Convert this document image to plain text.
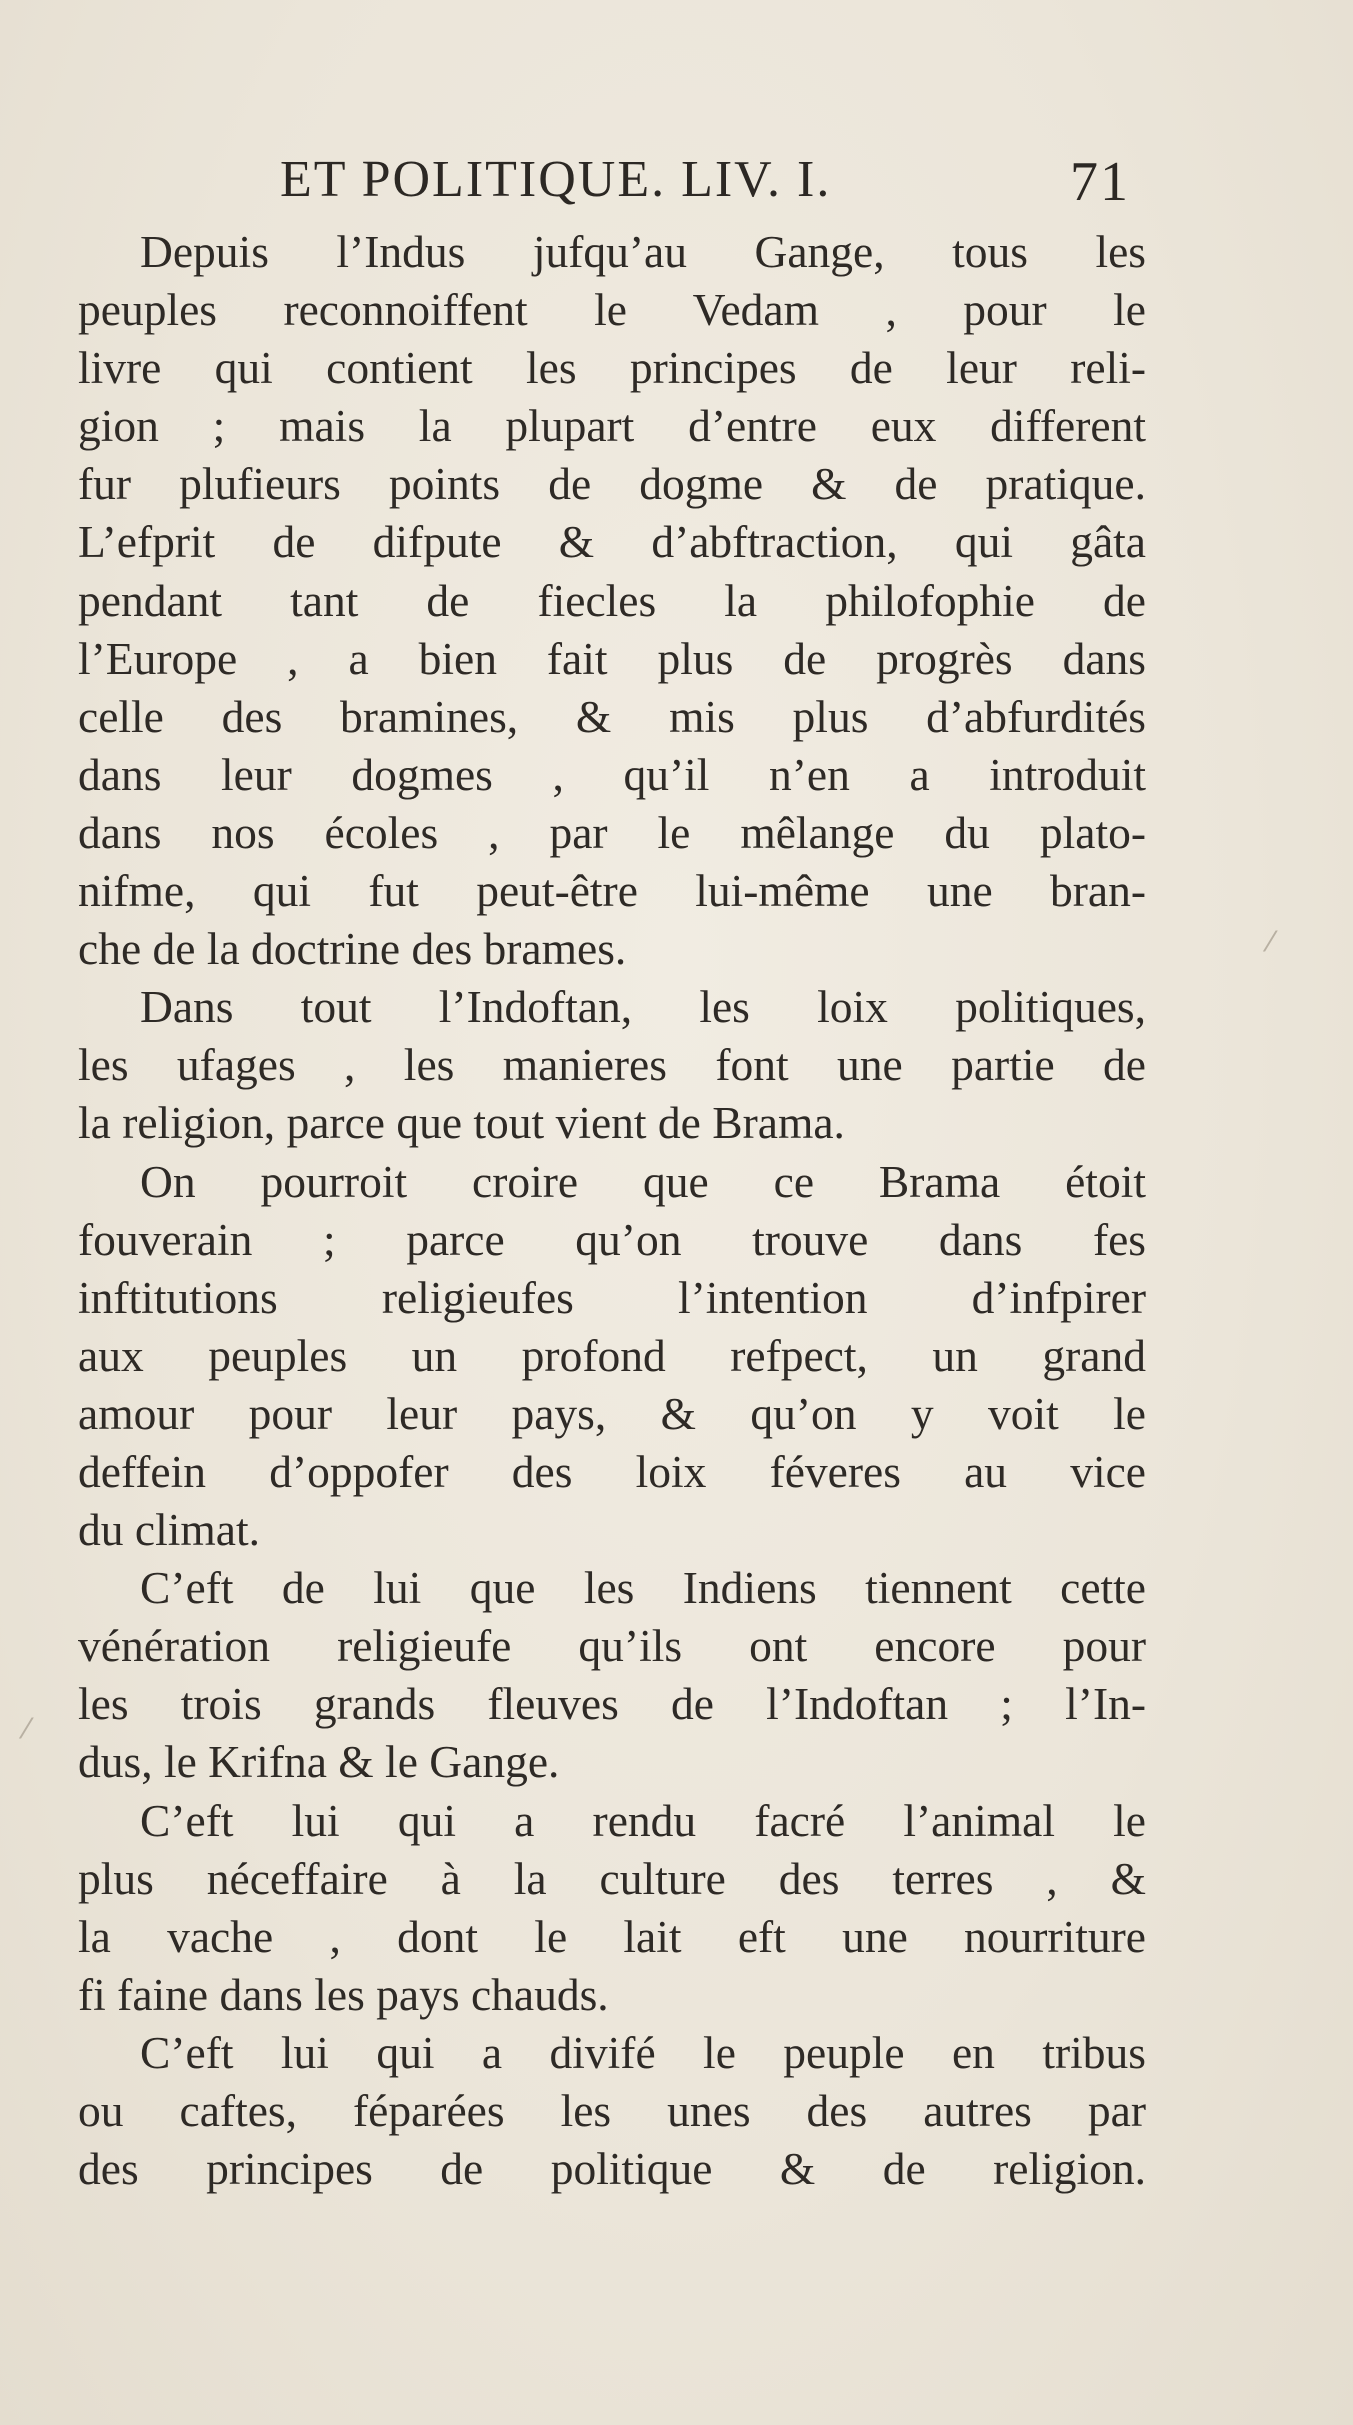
ET POLITIQUE. LIV. I.	71
Depuis l’Indus jufqu’au Gange, tous les
peuples reconnoiffent le Vedam , pour le
livre qui contient les principes de leur reli-
gion ; mais la plupart d’entre eux different
fur plufieurs points de dogme & de pratique.
L’efprit de difpute & d’abftraction, qui gâta
pendant tant de fiecles la philofophie de
l’Europe , a bien fait plus de progrès dans
celle des bramines, & mis plus d’abfurdités
dans leur dogmes , qu’il n’en a introduit
dans nos écoles , par le mêlange du plato-
nifme, qui fut peut-être lui-même une bran-
che de la doctrine des brames.
Dans tout l’Indoftan, les loix politiques,
les ufages , les manieres font une partie de
la religion, parce que tout vient de Brama.
On pourroit croire que ce Brama étoit
fouverain ; parce qu’on trouve dans fes
inftitutions religieufes l’intention d’infpirer
aux peuples un profond refpect, un grand
amour pour leur pays, & qu’on y voit le
deffein d’oppofer des loix féveres au vice
du climat.
C’eft de lui que les Indiens tiennent cette
vénération religieufe qu’ils ont encore pour
les trois grands fleuves de l’Indoftan ; l’In-
dus, le Krifna & le Gange.
C’eft lui qui a rendu facré l’animal le
plus néceffaire à la culture des terres , &
la vache , dont le lait eft une nourriture
fi faine dans les pays chauds.
C’eft lui qui a divifé le peuple en tribus
ou caftes, féparées les unes des autres par
des principes de politique & de religion.
⁄
⁄
